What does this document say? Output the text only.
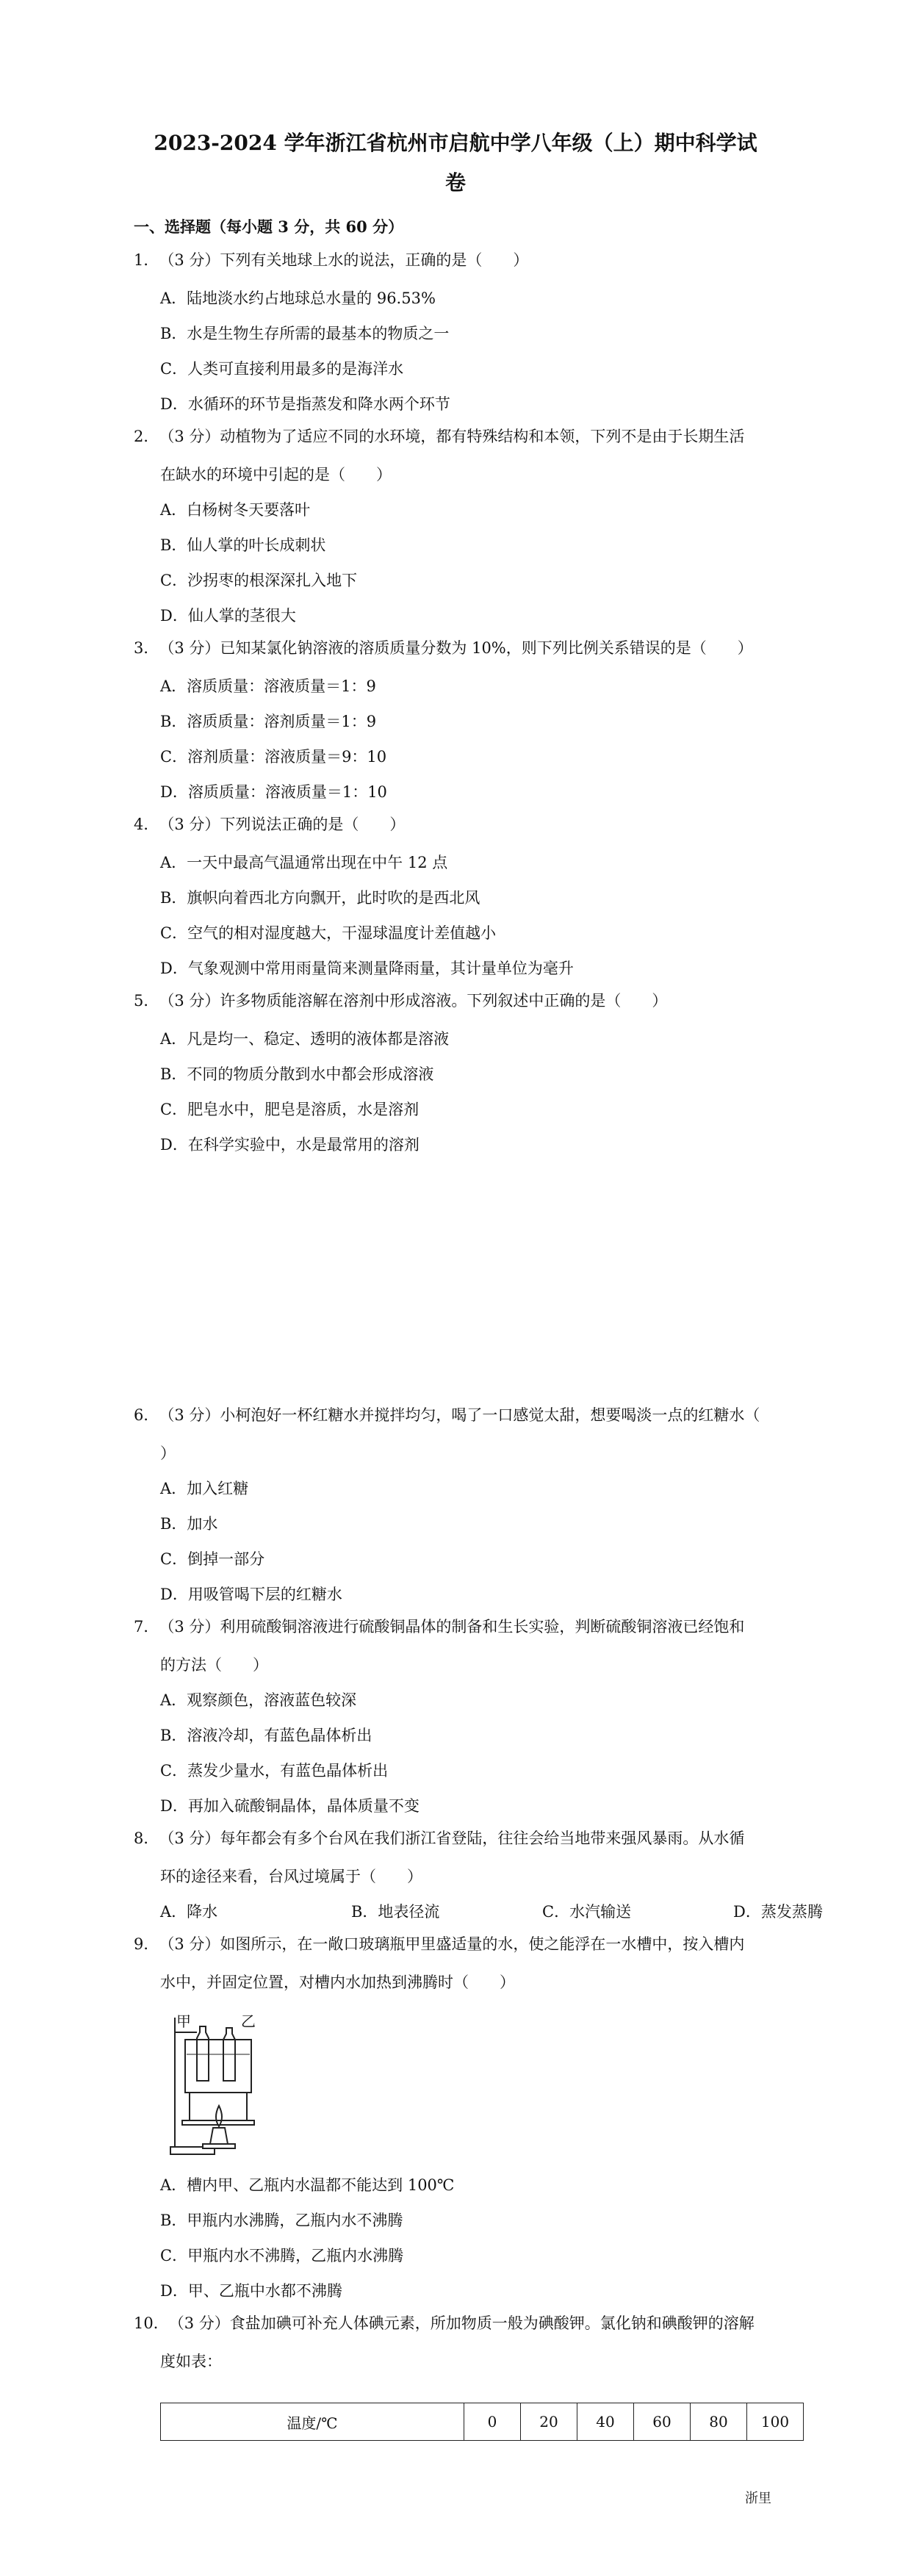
2023-2024 学年浙江省杭州市启航中学八年级（上）期中科学试
卷
一、选择题（每小题 3 分，共 60 分）
1．（3 分）下列有关地球上水的说法，正确的是（　　）
A．陆地淡水约占地球总水量的 96.53%
B．水是生物生存所需的最基本的物质之一
C．人类可直接利用最多的是海洋水
D．水循环的环节是指蒸发和降水两个环节
2．（3 分）动植物为了适应不同的水环境，都有特殊结构和本领，下列不是由于长期生活
在缺水的环境中引起的是（　　）
A．白杨树冬天要落叶
B．仙人掌的叶长成刺状
C．沙拐枣的根深深扎入地下
D．仙人掌的茎很大
3．（3 分）已知某氯化钠溶液的溶质质量分数为 10%，则下列比例关系错误的是（　　）
A．溶质质量：溶液质量＝1：9
B．溶质质量：溶剂质量＝1：9
C．溶剂质量：溶液质量＝9：10
D．溶质质量：溶液质量＝1：10
4．（3 分）下列说法正确的是（　　）
A．一天中最高气温通常出现在中午 12 点
B．旗帜向着西北方向飘开，此时吹的是西北风
C．空气的相对湿度越大，干湿球温度计差值越小
D．气象观测中常用雨量筒来测量降雨量，其计量单位为毫升
5．（3 分）许多物质能溶解在溶剂中形成溶液。下列叙述中正确的是（　　）
A．凡是均一、稳定、透明的液体都是溶液
B．不同的物质分散到水中都会形成溶液
C．肥皂水中，肥皂是溶质，水是溶剂
D．在科学实验中，水是最常用的溶剂
6．（3 分）小柯泡好一杯红糖水并搅拌均匀，喝了一口感觉太甜，想要喝淡一点的红糖水（
）
A．加入红糖
B．加水
C．倒掉一部分
D．用吸管喝下层的红糖水
7．（3 分）利用硫酸铜溶液进行硫酸铜晶体的制备和生长实验，判断硫酸铜溶液已经饱和
的方法（　　）
A．观察颜色，溶液蓝色较深
B．溶液冷却，有蓝色晶体析出
C．蒸发少量水，有蓝色晶体析出
D．再加入硫酸铜晶体，晶体质量不变
8．（3 分）每年都会有多个台风在我们浙江省登陆，往往会给当地带来强风暴雨。从水循
环的途径来看，台风过境属于（　　）
A．降水	B．地表径流	C．水汽输送	D．蒸发蒸腾
9．（3 分）如图所示，在一敞口玻璃瓶甲里盛适量的水，使之能浮在一水槽中，按入槽内
水中，并固定位置，对槽内水加热到沸腾时（　　）
甲	乙
A．槽内甲、乙瓶内水温都不能达到 100℃
B．甲瓶内水沸腾，乙瓶内水不沸腾
C．甲瓶内水不沸腾，乙瓶内水沸腾
D．甲、乙瓶中水都不沸腾
10．（3 分）食盐加碘可补充人体碘元素，所加物质一般为碘酸钾。氯化钠和碘酸钾的溶解
度如表：
温度/℃	0	20	40	60	80	100
浙里
